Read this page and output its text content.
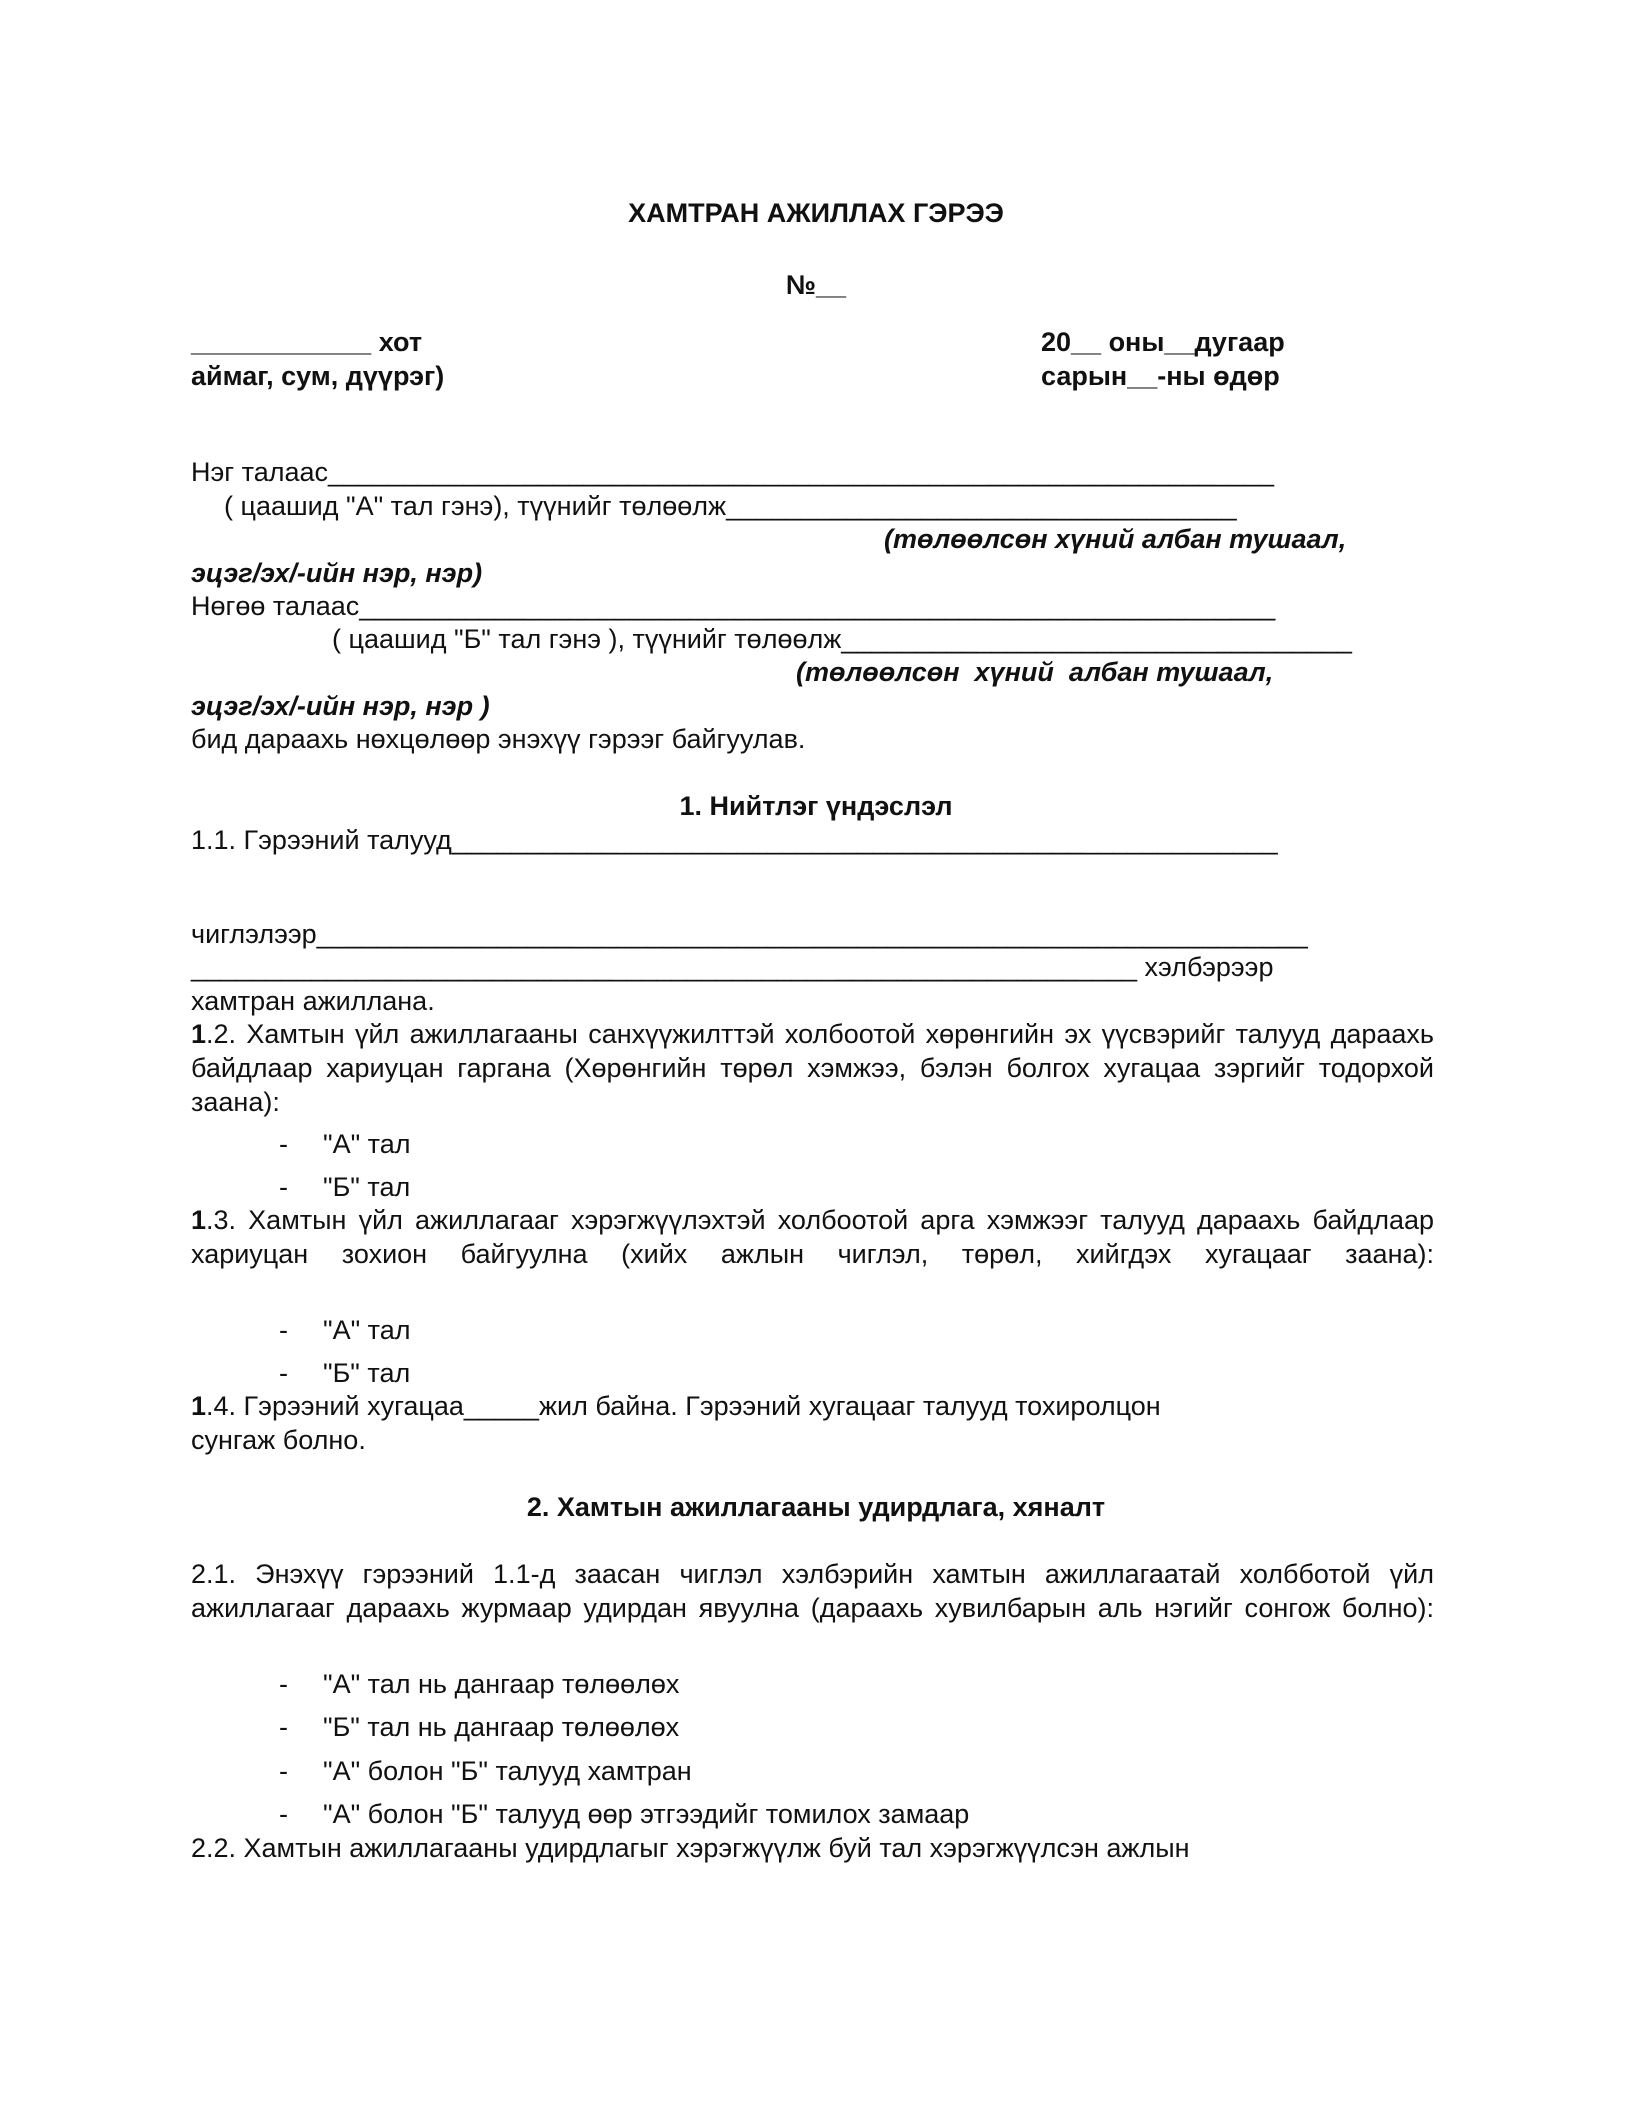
ХАМТРАН АЖИЛЛАХ ГЭРЭЭ
№__
____________ хот
аймаг, сум, дүүрэг)
20__ оны__дугаар
сарын__-ны өдөр
Нэг талаас_______________________________________________________________
( цаашид "А" тал гэнэ), түүнийг төлөөлж__________________________________
(төлөөлсөн хүний албан тушаал,
эцэг/эх/-ийн нэр, нэр)
Нөгөө талаас_____________________________________________________________
( цаашид "Б" тал гэнэ ), түүнийг төлөөлж__________________________________
(төлөөлсөн  хүний  албан тушаал,
эцэг/эх/-ийн нэр, нэр )
бид дараахь нөхцөлөөр энэхүү гэрээг байгуулав.
1. Нийтлэг үндэслэл
1.1. Гэрээний талууд_______________________________________________________
чиглэлээр__________________________________________________________________
_______________________________________________________________ хэлбэрээр
хамтран ажиллана.
1.2. Хамтын үйл ажиллагааны санхүүжилттэй холбоотой хөрөнгийн эх үүсвэрийг талууд дараахь байдлаар хариуцан гаргана (Хөрөнгийн төрөл хэмжээ, бэлэн болгох хугацаа зэргийг тодорхой заана):
- "А" тал
- "Б" тал
1.3. Хамтын үйл ажиллагааг хэрэгжүүлэхтэй холбоотой арга хэмжээг талууд дараахь байдлаар хариуцан зохион байгуулна (хийх ажлын чиглэл, төрөл, хийгдэх хугацааг заана):
- "А" тал
- "Б" тал
1.4. Гэрээний хугацаа_____жил байна. Гэрээний хугацааг талууд тохиролцон
сунгаж болно.
2. Хамтын ажиллагааны удирдлага, хяналт
2.1. Энэхүү гэрээний 1.1-д заасан чиглэл хэлбэрийн хамтын ажиллагаатай холбботой үйл ажиллагааг дараахь журмаар удирдан явуулна (дараахь хувилбарын аль нэгийг сонгож болно):
- "А" тал нь дангаар төлөөлөх
- "Б" тал нь дангаар төлөөлөх
- "А" болон "Б" талууд хамтран
- "А" болон "Б" талууд өөр этгээдийг томилох замаар
2.2. Хамтын ажиллагааны удирдлагыг хэрэгжүүлж буй тал хэрэгжүүлсэн ажлын
